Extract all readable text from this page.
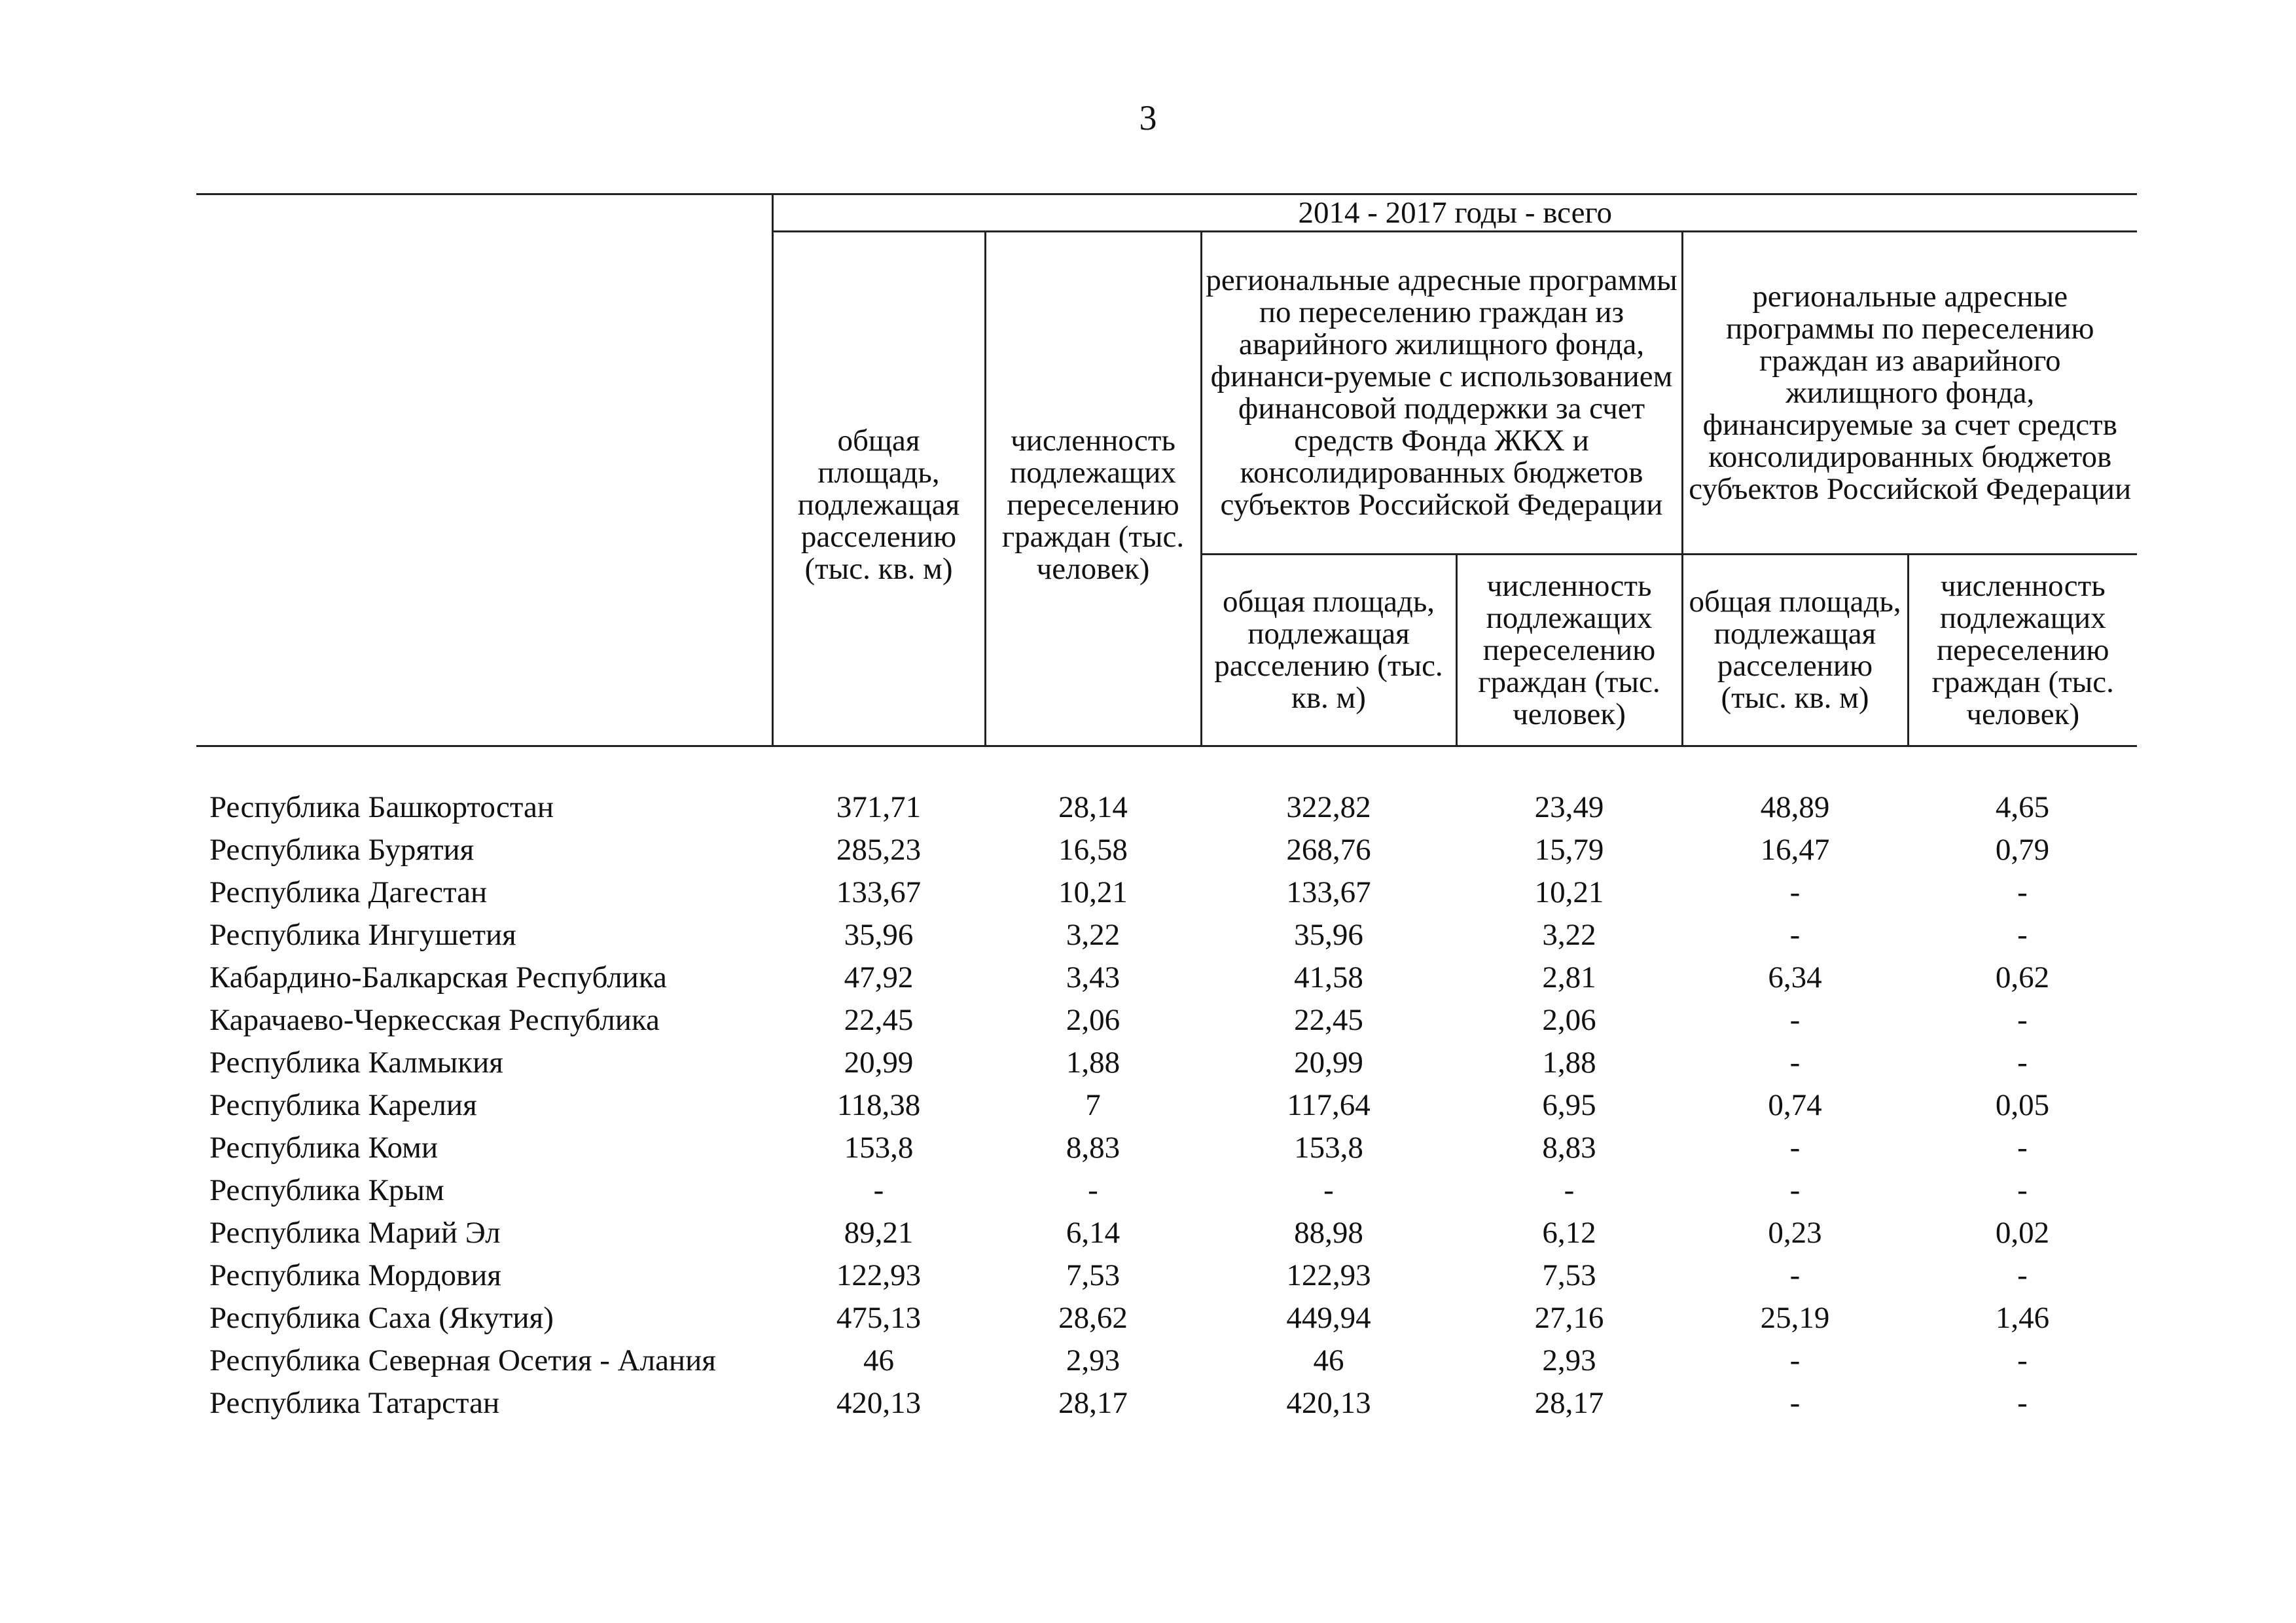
3
	2014 - 2017 годы - всего					
	общая площадь, подлежащая расселению (тыс. кв. м)	численность подлежащих переселению граждан (тыс. человек)	региональные адресные программы по переселению граждан из аварийного жилищного фонда, финанси-руемые с использованием финансовой поддержки за счет средств Фонда ЖКХ и консолидированных бюджетов субъектов Российской Федерации		региональные адресные программы по переселению граждан из аварийного жилищного фонда, финансируемые за счет средств консолидированных бюджетов субъектов Российской Федерации	
			общая площадь, подлежащая расселению (тыс. кв. м)	численность подлежащих переселению граждан (тыс. человек)	общая площадь, подлежащая расселению (тыс. кв. м)	численность подлежащих переселению граждан (тыс. человек)

Республика Башкортостан	371,71	28,14	322,82	23,49	48,89	4,65
Республика Бурятия	285,23	16,58	268,76	15,79	16,47	0,79
Республика Дагестан	133,67	10,21	133,67	10,21	-	-
Республика Ингушетия	35,96	3,22	35,96	3,22	-	-
Кабардино-Балкарская Республика	47,92	3,43	41,58	2,81	6,34	0,62
Карачаево-Черкесская Республика	22,45	2,06	22,45	2,06	-	-
Республика Калмыкия	20,99	1,88	20,99	1,88	-	-
Республика Карелия	118,38	7	117,64	6,95	0,74	0,05
Республика Коми	153,8	8,83	153,8	8,83	-	-
Республика Крым	-	-	-	-	-	-
Республика Марий Эл	89,21	6,14	88,98	6,12	0,23	0,02
Республика Мордовия	122,93	7,53	122,93	7,53	-	-
Республика Саха (Якутия)	475,13	28,62	449,94	27,16	25,19	1,46
Республика Северная Осетия - Алания	46	2,93	46	2,93	-	-
Республика Татарстан	420,13	28,17	420,13	28,17	-	-
